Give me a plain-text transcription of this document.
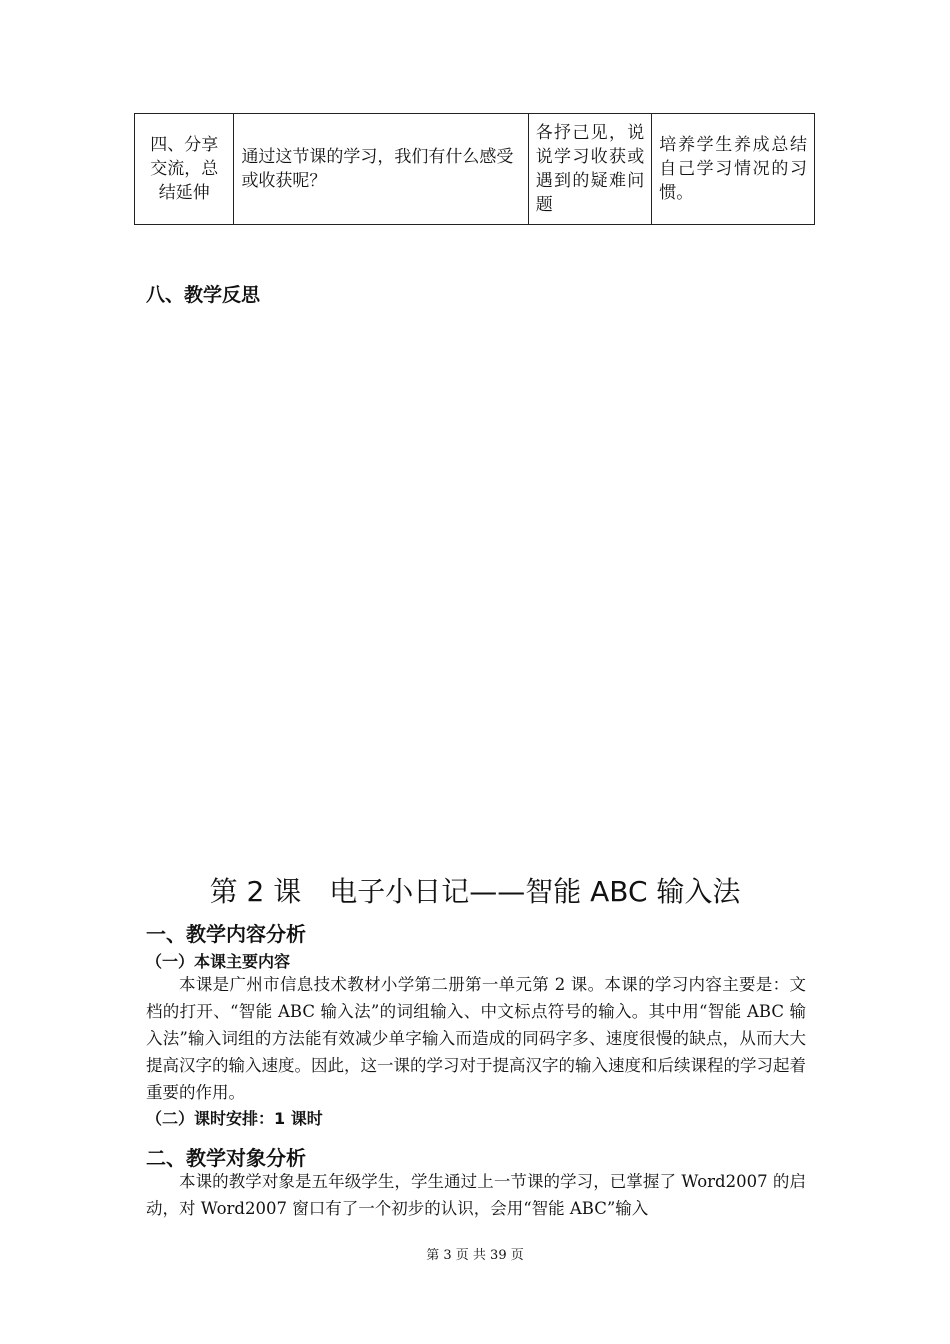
四、分享交流，总结延伸	通过这节课的学习，我们有什么感受或收获呢？	各抒己见，说说学习收获或遇到的疑难问题	培养学生养成总结自己学习情况的习惯。
八、教学反思
第 2 课　电子小日记——智能 ABC 输入法
一、教学内容分析
（一）本课主要内容
本课是广州市信息技术教材小学第二册第一单元第 2 课。本课的学习内容主要是：文档的打开、“智能 ABC 输入法”的词组输入、中文标点符号的输入。其中用“智能 ABC 输入法”输入词组的方法能有效减少单字输入而造成的同码字多、速度很慢的缺点，从而大大提高汉字的输入速度。因此，这一课的学习对于提高汉字的输入速度和后续课程的学习起着重要的作用。
（二）课时安排：1 课时
二、教学对象分析
本课的教学对象是五年级学生，学生通过上一节课的学习，已掌握了 Word2007 的启动，对 Word2007 窗口有了一个初步的认识，会用“智能 ABC”输入
第 3 页 共 39 页
